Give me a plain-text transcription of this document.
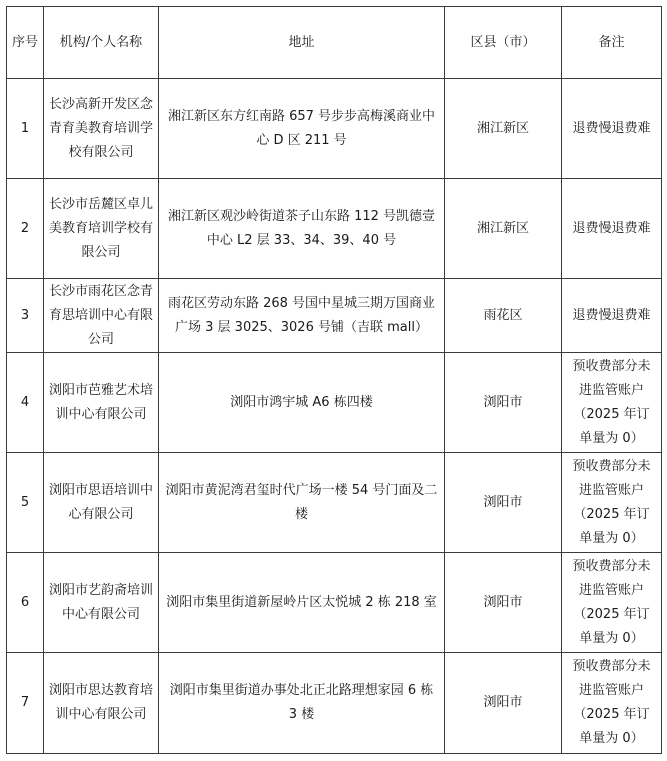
序号	机构/个人名称	地址	区县（市）	备注
1	长沙高新开发区念青育美教育培训学校有限公司	湘江新区东方红南路 657 号步步高梅溪商业中心 D 区 211 号	湘江新区	退费慢退费难
2	长沙市岳麓区卓儿美教育培训学校有限公司	湘江新区观沙岭街道茶子山东路 112 号凯德壹中心 L2 层 33、34、39、40 号	湘江新区	退费慢退费难
3	长沙市雨花区念青育思培训中心有限公司	雨花区劳动东路 268 号国中星城三期万国商业广场 3 层 3025、3026 号铺（吉联 mall）	雨花区	退费慢退费难
4	浏阳市芭雅艺术培训中心有限公司	浏阳市鸿宇城 A6 栋四楼	浏阳市	预收费部分未进监管账户（2025 年订单量为 0）
5	浏阳市思语培训中心有限公司	浏阳市黄泥湾君玺时代广场一楼 54 号门面及二楼	浏阳市	预收费部分未进监管账户（2025 年订单量为 0）
6	浏阳市艺韵斋培训中心有限公司	浏阳市集里街道新屋岭片区太悦城 2 栋 218 室	浏阳市	预收费部分未进监管账户（2025 年订单量为 0）
7	浏阳市思达教育培训中心有限公司	浏阳市集里街道办事处北正北路理想家园 6 栋 3 楼	浏阳市	预收费部分未进监管账户（2025 年订单量为 0）
